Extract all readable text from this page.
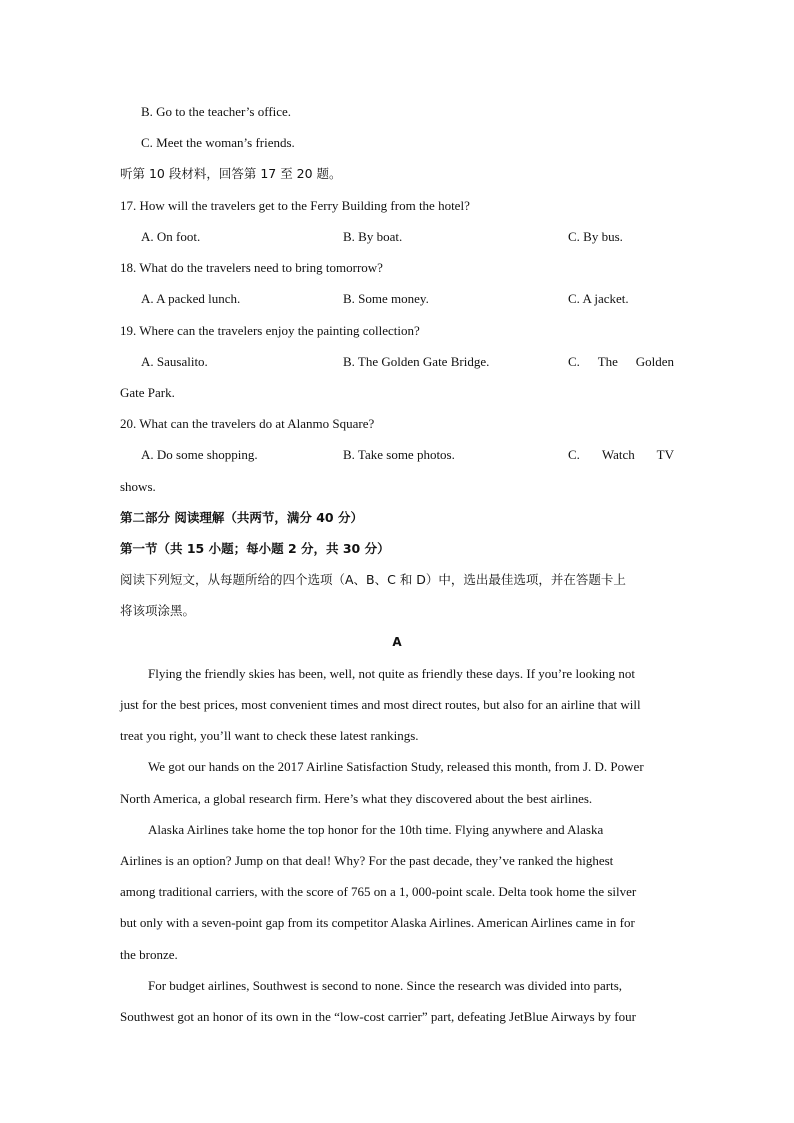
B. Go to the teacher’s office.
C. Meet the woman’s friends.
听第 10 段材料，回答第 17 至 20 题。
17. How will the travelers get to the Ferry Building from the hotel?
A. On foot.	B. By boat.	C. By bus.
18. What do the travelers need to bring tomorrow?
A. A packed lunch.	B. Some money.	C. A jacket.
19. Where can the travelers enjoy the painting collection?
A. Sausalito.	B. The Golden Gate Bridge.	C. The Golden
Gate Park.
20. What can the travelers do at Alanmo Square?
A. Do some shopping.	B. Take some photos.	C. Watch TV
shows.
第二部分 阅读理解（共两节，满分 40 分）
第一节（共 15 小题；每小题 2 分，共 30 分）
阅读下列短文，从每题所给的四个选项（A、B、C 和 D）中，选出最佳选项，并在答题卡上
将该项涂黑。
A
Flying the friendly skies has been, well, not quite as friendly these days. If you’re looking not
just for the best prices, most convenient times and most direct routes, but also for an airline that will
treat you right, you’ll want to check these latest rankings.
We got our hands on the 2017 Airline Satisfaction Study, released this month, from J. D. Power
North America, a global research firm. Here’s what they discovered about the best airlines.
Alaska Airlines take home the top honor for the 10th time. Flying anywhere and Alaska
Airlines is an option? Jump on that deal! Why? For the past decade, they’ve ranked the highest
among traditional carriers, with the score of 765 on a 1, 000-point scale. Delta took home the silver
but only with a seven-point gap from its competitor Alaska Airlines. American Airlines came in for
the bronze.
For budget airlines, Southwest is second to none. Since the research was divided into parts,
Southwest got an honor of its own in the “low-cost carrier” part, defeating JetBlue Airways by four
